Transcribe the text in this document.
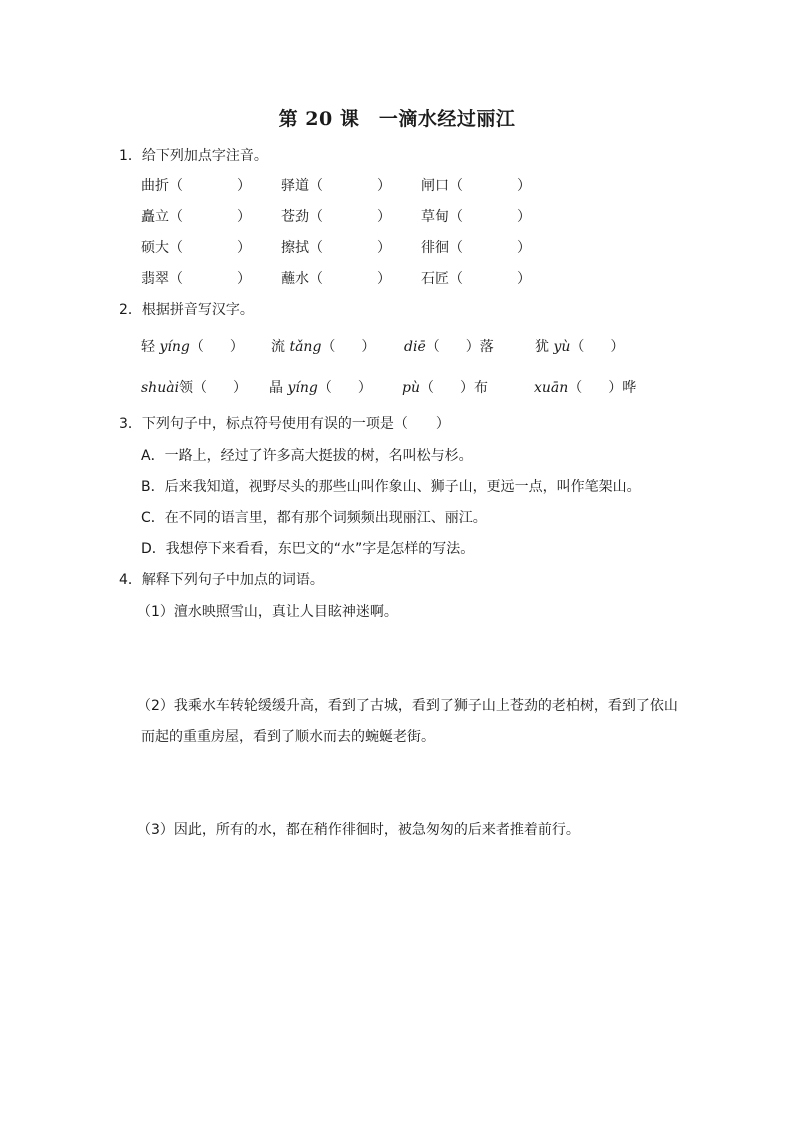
第 20 课　一滴水经过丽江
1．给下列加点字注音。
曲折（	） 驿道（	） 闸口（	）
矗立（	） 苍劲（	） 草甸（	）
硕大（	） 擦拭（	） 徘徊（	）
翡翠（	） 蘸水（	） 石匠（	）
2．根据拼音写汉字。
轻 yíng（ ） 流 tǎng（ ） diē（ ）落	犹 yù（ ）
shuài领（ ） 晶 yíng（ ） pù（ ）布	xuān（ ）哗
3．下列句子中，标点符号使用有误的一项是（　　）
A．一路上，经过了许多高大挺拔的树，名叫松与杉。
B．后来我知道，视野尽头的那些山叫作象山、狮子山，更远一点，叫作笔架山。
C．在不同的语言里，都有那个词频频出现丽江、丽江。
D．我想停下来看看，东巴文的“水”字是怎样的写法。
4．解释下列句子中加点的词语。
（1）澶水映照雪山，真让人目眩神迷啊。
（2）我乘水车转轮缓缓升高，看到了古城，看到了狮子山上苍劲的老柏树，看到了依山
而起的重重房屋，看到了顺水而去的蜿蜒老街。
（3）因此，所有的水，都在稍作徘徊时，被急匆匆的后来者推着前行。
